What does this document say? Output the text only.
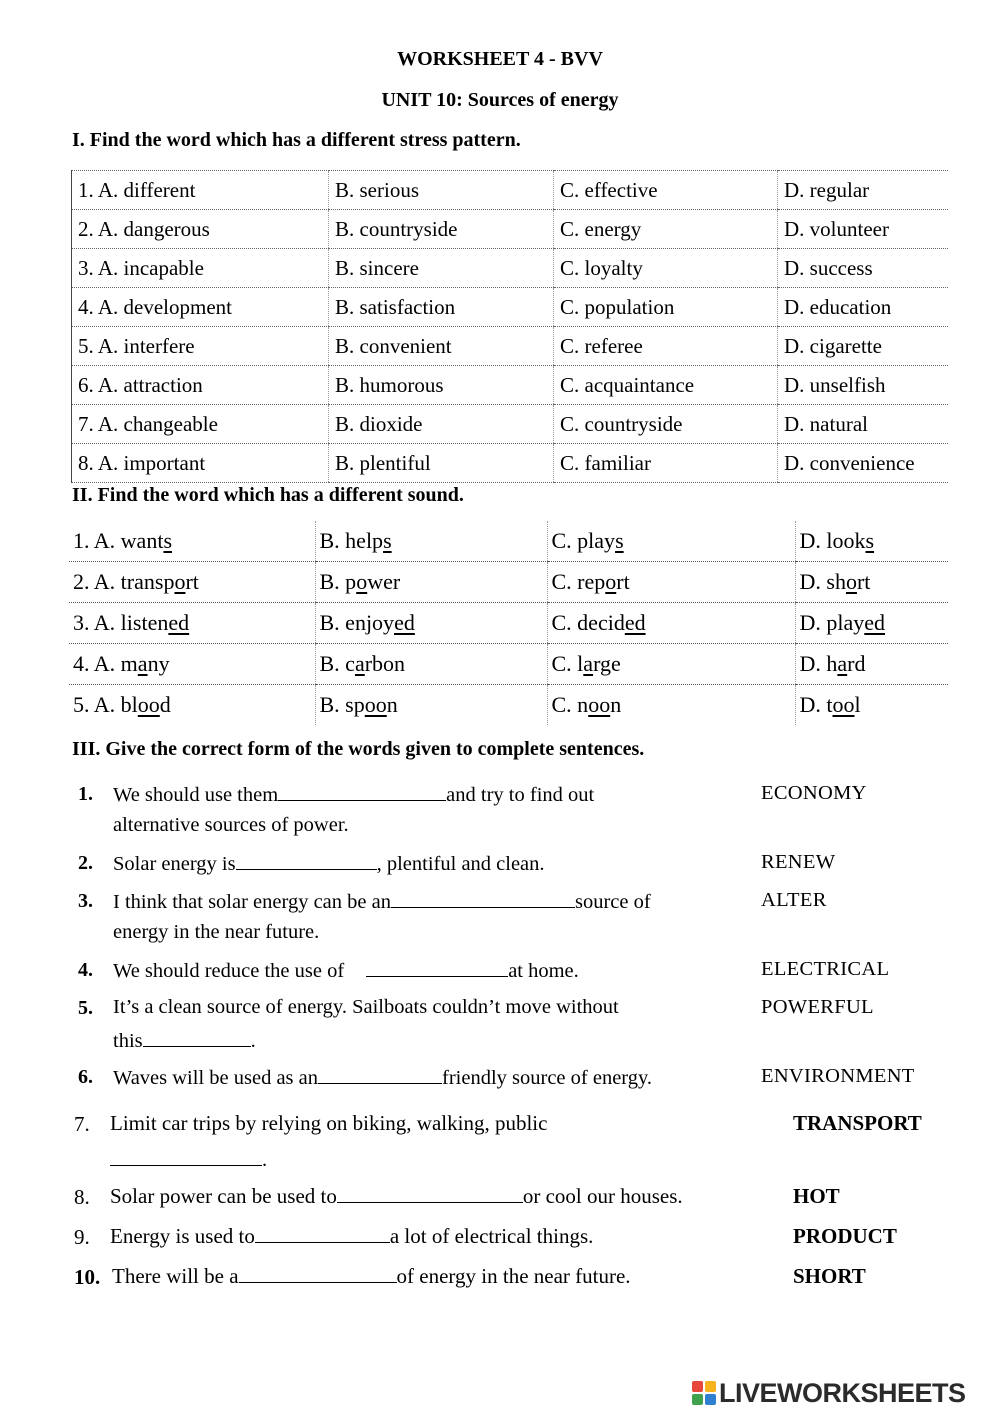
WORKSHEET 4 - BVV
UNIT 10: Sources of energy
I. Find the word which has a different stress pattern.
1. A. different	B. serious	C. effective	D. regular
2. A. dangerous	B. countryside	C. energy	D. volunteer
3. A. incapable	B. sincere	C. loyalty	D. success
4. A. development	B. satisfaction	C. population	D. education
5. A. interfere	B. convenient	C. referee	D. cigarette
6. A. attraction	B. humorous	C. acquaintance	D. unselfish
7. A. changeable	B. dioxide	C. countryside	D. natural
8. A. important	B. plentiful	C. familiar	D. convenience
II. Find the word which has a different sound.
1. A. wants	B. helps	C. plays	D. looks
2. A. transport	B. power	C. report	D. short
3. A. listened	B. enjoyed	C. decided	D. played
4. A. many	B. carbon	C. large	D. hard
5. A. blood	B. spoon	C. noon	D. tool
III. Give the correct form of the words given to complete sentences.
1. We should use them	and try to find out
alternative sources of power.
ECONOMY
2. Solar energy is	, plentiful and clean.	RENEW
3. I think that solar energy can be an	source of
energy in the near future.
ALTER
4. We should reduce the use of	at home.	ELECTRICAL
5. It’s a clean source of energy. Sailboats couldn’t move without
this	.
POWERFUL
6. Waves will be used as an	friendly source of energy.	ENVIRONMENT
7. Limit car trips by relying on biking, walking, public
.
TRANSPORT
8. Solar power can be used to	or cool our houses.	HOT
9. Energy is used to	a lot of electrical things.	PRODUCT
10. There will be a	of energy in the near future.	SHORT
LIVEWORKSHEETS
